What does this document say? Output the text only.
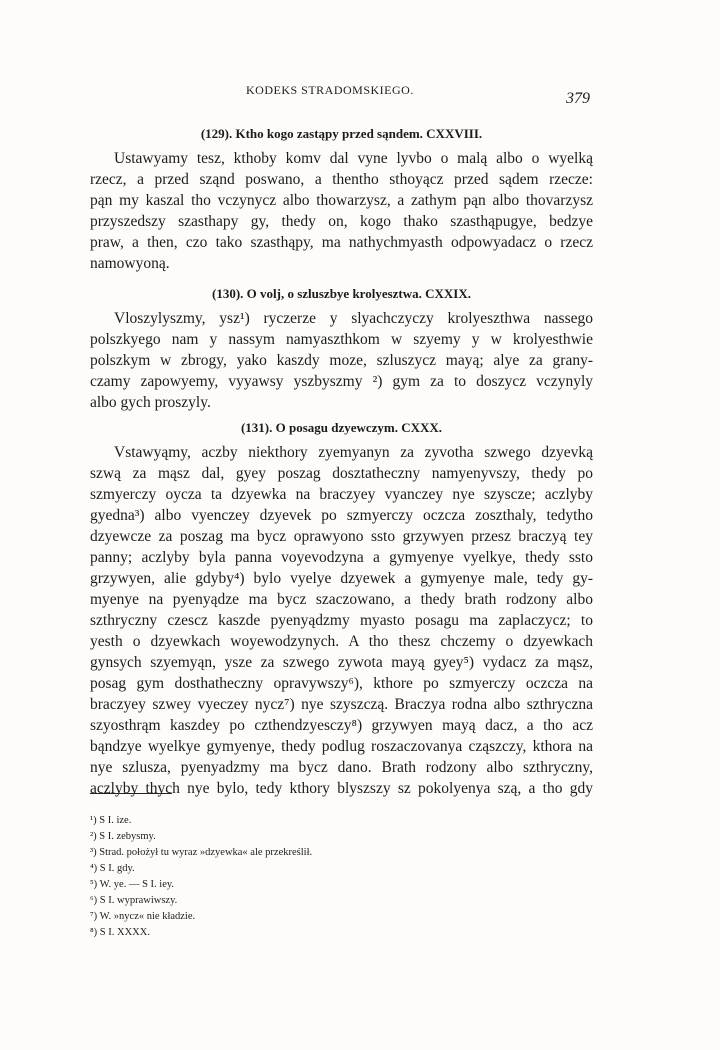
KODEKS STRADOMSKIEGO.	379
(129). Ktho kogo zastąpy przed sąndem. CXXVIII.
Ustawyamy tesz, kthoby komv dal vyne lyvbo o malą albo o wyelką
rzecz, a przed sząnd poswano, a thentho sthoyącz przed sądem rzecze:
pąn my kaszal tho vczynycz albo thowarzysz, a zathym pąn albo thovarzysz
przyszedszy szasthapy gy, thedy on, kogo thako szasthąpugye, bedzye
praw, a then, czo tako szasthąpy, ma nathychmyasth odpowyadacz o rzecz
namowyoną.
(130). O volj, o szluszbye krolyesztwa. CXXIX.
Vloszylyszmy, ysz¹) ryczerze y slyachczyczy krolyeszthwa nassego
polszkyego nam y nassym namyaszthkom w szyemy y w krolyesthwie
polszkym w zbrogy, yako kaszdy moze, szluszycz mayą; alye za grany-
czamy zapowyemy, vyyawsy yszbyszmy ²) gym za to doszycz vczynyly
albo gych proszyly.
(131). O posagu dzyewczym. CXXX.
Vstawyąmy, aczby niekthory zyemyanyn za zyvotha szwego dzyevką
szwą za mąsz dal, gyey poszag dosztatheczny namyenyvszy, thedy po
szmyerczy oycza ta dzyewka na braczyey vyanczey nye szyscze; aczlyby
gyedna³) albo vyenczey dzyevek po szmyerczy oczcza zoszthaly, tedytho
dzyewcze za poszag ma bycz oprawyono ssto grzywyen przesz braczyą tey
panny; aczlyby byla panna voyevodzyna a gymyenye vyelkye, thedy ssto
grzywyen, alie gdyby⁴) bylo vyelye dzyewek a gymyenye male, tedy gy-
myenye na pyenyądze ma bycz szaczowano, a thedy brath rodzony albo
szthryczny czescz kaszde pyenyądzmy myasto posagu ma zaplaczycz; to
yesth o dzyewkach woyewodzynych. A tho thesz chczemy o dzyewkach
gynsych szyemyąn, ysze za szwego zywota mayą gyey⁵) vydacz za mąsz,
posag gym dosthatheczny opravywszy⁶), kthore po szmyerczy oczcza na
braczyey szwey vyeczey nycz⁷) nye szyszczą. Braczya rodna albo szthryczna
szyosthrąm kaszdey po czthendzyesczy⁸) grzywyen mayą dacz, a tho acz
bąndzye wyelkye gymyenye, thedy podlug roszaczovanya cząszczy, kthora na
nye szlusza, pyenyadzmy ma bycz dano. Brath rodzony albo szthryczny,
aczlyby thych nye bylo, tedy kthory blyszszy sz pokolyenya szą, a tho gdy
¹) S I. ize.
²) S I. zebysmy.
³) Strad. położył tu wyraz »dzyewka« ale przekreślił.
⁴) S I. gdy.
⁵) W. ye. — S I. iey.
⁶) S I. wyprawiwszy.
⁷) W. »nycz« nie kładzie.
⁸) S I. XXXX.
